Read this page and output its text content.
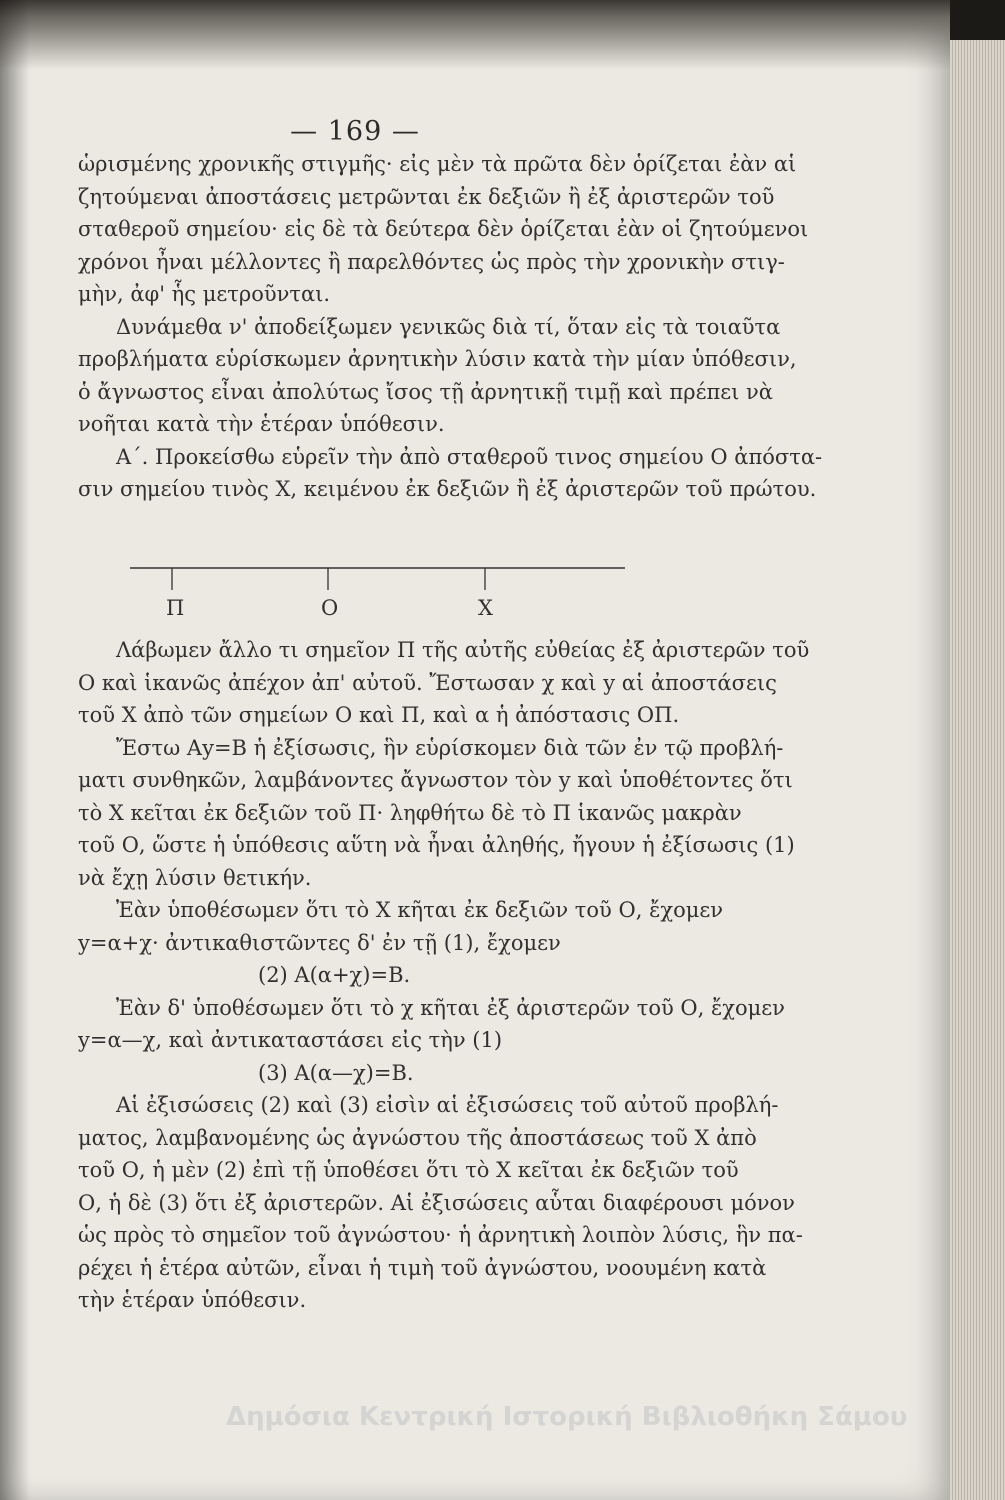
— 169 —
ὡρισμένης χρονικῆς στιγμῆς· εἰς μὲν τὰ πρῶτα δὲν ὁρίζεται ἐὰν αἱ
ζητούμεναι ἀποστάσεις μετρῶνται ἐκ δεξιῶν ἢ ἐξ ἀριστερῶν τοῦ
σταθεροῦ σημείου· εἰς δὲ τὰ δεύτερα δὲν ὁρίζεται ἐὰν οἱ ζητούμενοι
χρόνοι ἦναι μέλλοντες ἢ παρελθόντες ὡς πρὸς τὴν χρονικὴν στιγ-
μὴν, ἀφ' ἧς μετροῦνται.
Δυνάμεθα ν' ἀποδείξωμεν γενικῶς διὰ τί, ὅταν εἰς τὰ τοιαῦτα
προβλήματα εὑρίσκωμεν ἀρνητικὴν λύσιν κατὰ τὴν μίαν ὑπόθεσιν,
ὁ ἄγνωστος εἶναι ἀπολύτως ἴσος τῇ ἀρνητικῇ τιμῇ καὶ πρέπει νὰ
νοῆται κατὰ τὴν ἑτέραν ὑπόθεσιν.
Α΄. Προκείσθω εὑρεῖν τὴν ἀπὸ σταθεροῦ τινος σημείου Ο ἀπόστα-
σιν σημείου τινὸς Χ, κειμένου ἐκ δεξιῶν ἢ ἐξ ἀριστερῶν τοῦ πρώτου.
Π	Ο	Χ
Λάβωμεν ἄλλο τι σημεῖον Π τῆς αὐτῆς εὐθείας ἐξ ἀριστερῶν τοῦ
Ο καὶ ἱκανῶς ἀπέχον ἀπ' αὐτοῦ. Ἔστωσαν χ καὶ y αἱ ἀποστάσεις
τοῦ Χ ἀπὸ τῶν σημείων Ο καὶ Π, καὶ α ἡ ἀπόστασις ΟΠ.
Ἔστω Αy=Β ἡ ἐξίσωσις, ἣν εὑρίσκομεν διὰ τῶν ἐν τῷ προβλή-
ματι συνθηκῶν, λαμβάνοντες ἄγνωστον τὸν y καὶ ὑποθέτοντες ὅτι
τὸ Χ κεῖται ἐκ δεξιῶν τοῦ Π· ληφθήτω δὲ τὸ Π ἱκανῶς μακρὰν
τοῦ Ο, ὥστε ἡ ὑπόθεσις αὕτη νὰ ἦναι ἀληθής, ἤγουν ἡ ἐξίσωσις (1)
νὰ ἔχῃ λύσιν θετικήν.
Ἐὰν ὑποθέσωμεν ὅτι τὸ Χ κῆται ἐκ δεξιῶν τοῦ Ο, ἔχομεν
y=α+χ· ἀντικαθιστῶντες δ' ἐν τῇ (1), ἔχομεν
(2) Α(α+χ)=Β.
Ἐὰν δ' ὑποθέσωμεν ὅτι τὸ χ κῆται ἐξ ἀριστερῶν τοῦ Ο, ἔχομεν
y=α—χ, καὶ ἀντικαταστάσει εἰς τὴν (1)
(3) Α(α—χ)=Β.
Αἱ ἐξισώσεις (2) καὶ (3) εἰσὶν αἱ ἐξισώσεις τοῦ αὐτοῦ προβλή-
ματος, λαμβανομένης ὡς ἀγνώστου τῆς ἀποστάσεως τοῦ Χ ἀπὸ
τοῦ Ο, ἡ μὲν (2) ἐπὶ τῇ ὑποθέσει ὅτι τὸ Χ κεῖται ἐκ δεξιῶν τοῦ
Ο, ἡ δὲ (3) ὅτι ἐξ ἀριστερῶν. Αἱ ἐξισώσεις αὗται διαφέρουσι μόνον
ὡς πρὸς τὸ σημεῖον τοῦ ἀγνώστου· ἡ ἀρνητικὴ λοιπὸν λύσις, ἣν πα-
ρέχει ἡ ἑτέρα αὐτῶν, εἶναι ἡ τιμὴ τοῦ ἀγνώστου, νοουμένη κατὰ
τὴν ἑτέραν ὑπόθεσιν.
Δημόσια Κεντρική Ιστορική Βιβλιοθήκη Σάμου
